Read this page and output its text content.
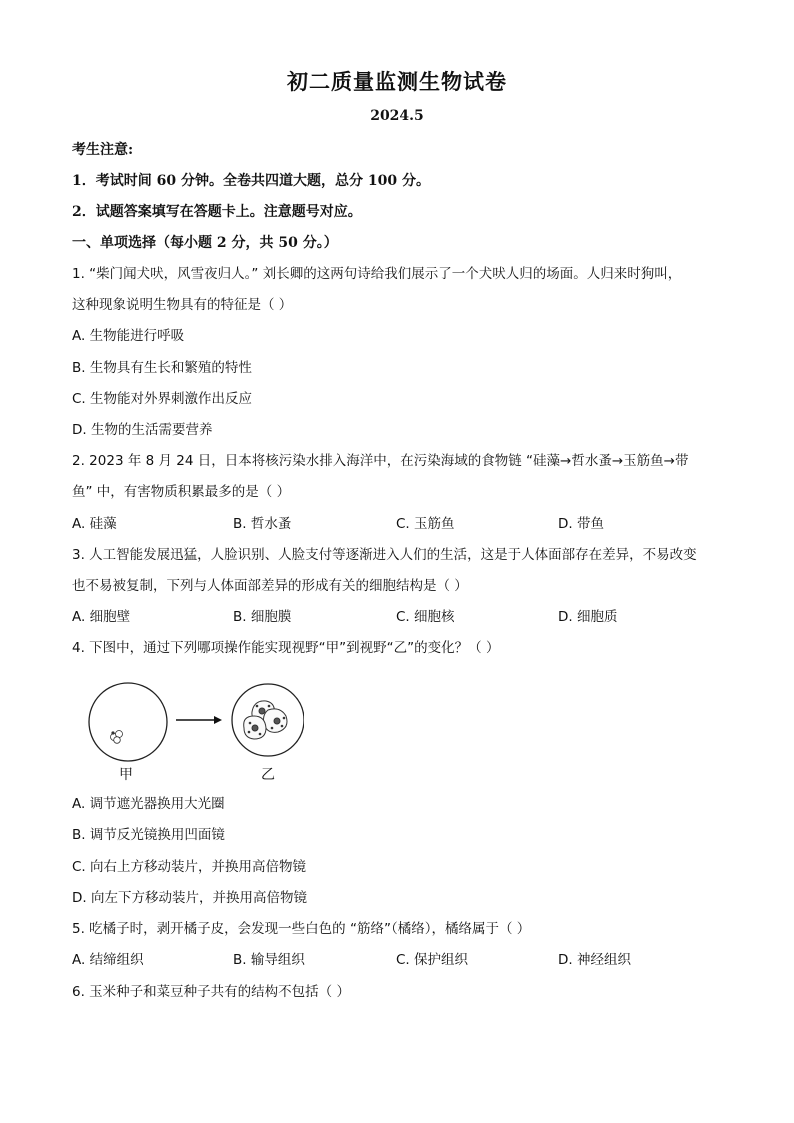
初二质量监测生物试卷
2024.5
考生注意:
1．考试时间 60 分钟。全卷共四道大题，总分 100 分。
2．试题答案填写在答题卡上。注意题号对应。
一、单项选择（每小题 2 分，共 50 分。）
1. “柴门闻犬吠，风雪夜归人。” 刘长卿的这两句诗给我们展示了一个犬吠人归的场面。人归来时狗叫，
这种现象说明生物具有的特征是（ ）
A. 生物能进行呼吸
B. 生物具有生长和繁殖的特性
C. 生物能对外界刺激作出反应
D. 生物的生活需要营养
2. 2023 年 8 月 24 日，日本将核污染水排入海洋中，在污染海域的食物链 “硅藻→哲水蚤→玉筋鱼→带
鱼” 中，有害物质积累最多的是（ ）
A. 硅藻	B. 哲水蚤	C. 玉筋鱼	D. 带鱼
3. 人工智能发展迅猛，人脸识别、人脸支付等逐渐进入人们的生活，这是于人体面部存在差异，不易改变
也不易被复制，下列与人体面部差异的形成有关的细胞结构是（ ）
A. 细胞壁	B. 细胞膜	C. 细胞核	D. 细胞质
4. 下图中，通过下列哪项操作能实现视野“甲”到视野“乙”的变化？（ ）
甲	乙
A. 调节遮光器换用大光圈
B. 调节反光镜换用凹面镜
C. 向右上方移动装片，并换用高倍物镜
D. 向左下方移动装片，并换用高倍物镜
5. 吃橘子时，剥开橘子皮，会发现一些白色的 “筋络”（橘络），橘络属于（ ）
A. 结缔组织	B. 输导组织	C. 保护组织	D. 神经组织
6. 玉米种子和菜豆种子共有的结构不包括（ ）
